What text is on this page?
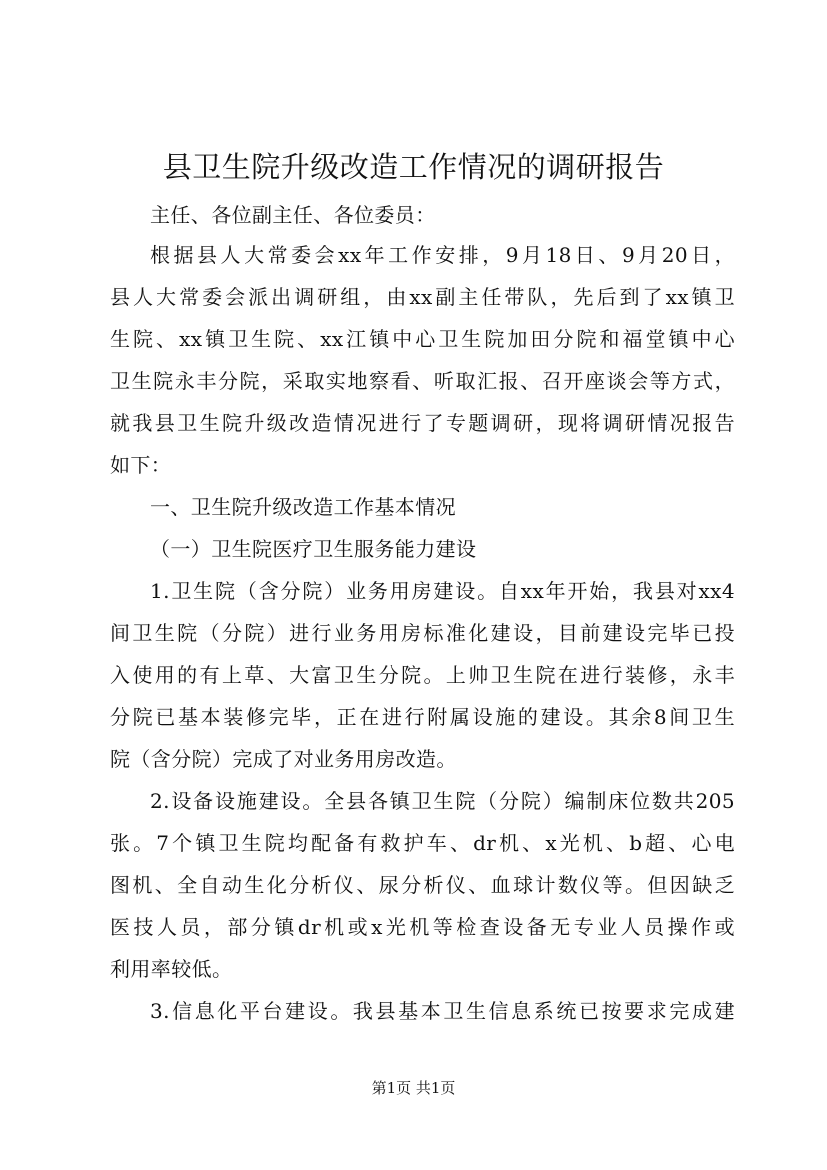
县卫生院升级改造工作情况的调研报告
主任、各位副主任、各位委员：
根据县人大常委会xx年工作安排，9月18日、9月20日，
县人大常委会派出调研组，由xx副主任带队，先后到了xx镇卫
生院、xx镇卫生院、xx江镇中心卫生院加田分院和福堂镇中心
卫生院永丰分院，采取实地察看、听取汇报、召开座谈会等方式，
就我县卫生院升级改造情况进行了专题调研，现将调研情况报告
如下：
一、卫生院升级改造工作基本情况
（一）卫生院医疗卫生服务能力建设
1.卫生院（含分院）业务用房建设。自xx年开始，我县对xx4
间卫生院（分院）进行业务用房标准化建设，目前建设完毕已投
入使用的有上草、大富卫生分院。上帅卫生院在进行装修，永丰
分院已基本装修完毕，正在进行附属设施的建设。其余8间卫生
院（含分院）完成了对业务用房改造。
2.设备设施建设。全县各镇卫生院（分院）编制床位数共205
张。7个镇卫生院均配备有救护车、dr机、x光机、b超、心电
图机、全自动生化分析仪、尿分析仪、血球计数仪等。但因缺乏
医技人员，部分镇dr机或x光机等检查设备无专业人员操作或
利用率较低。
3.信息化平台建设。我县基本卫生信息系统已按要求完成建
第1页 共1页
